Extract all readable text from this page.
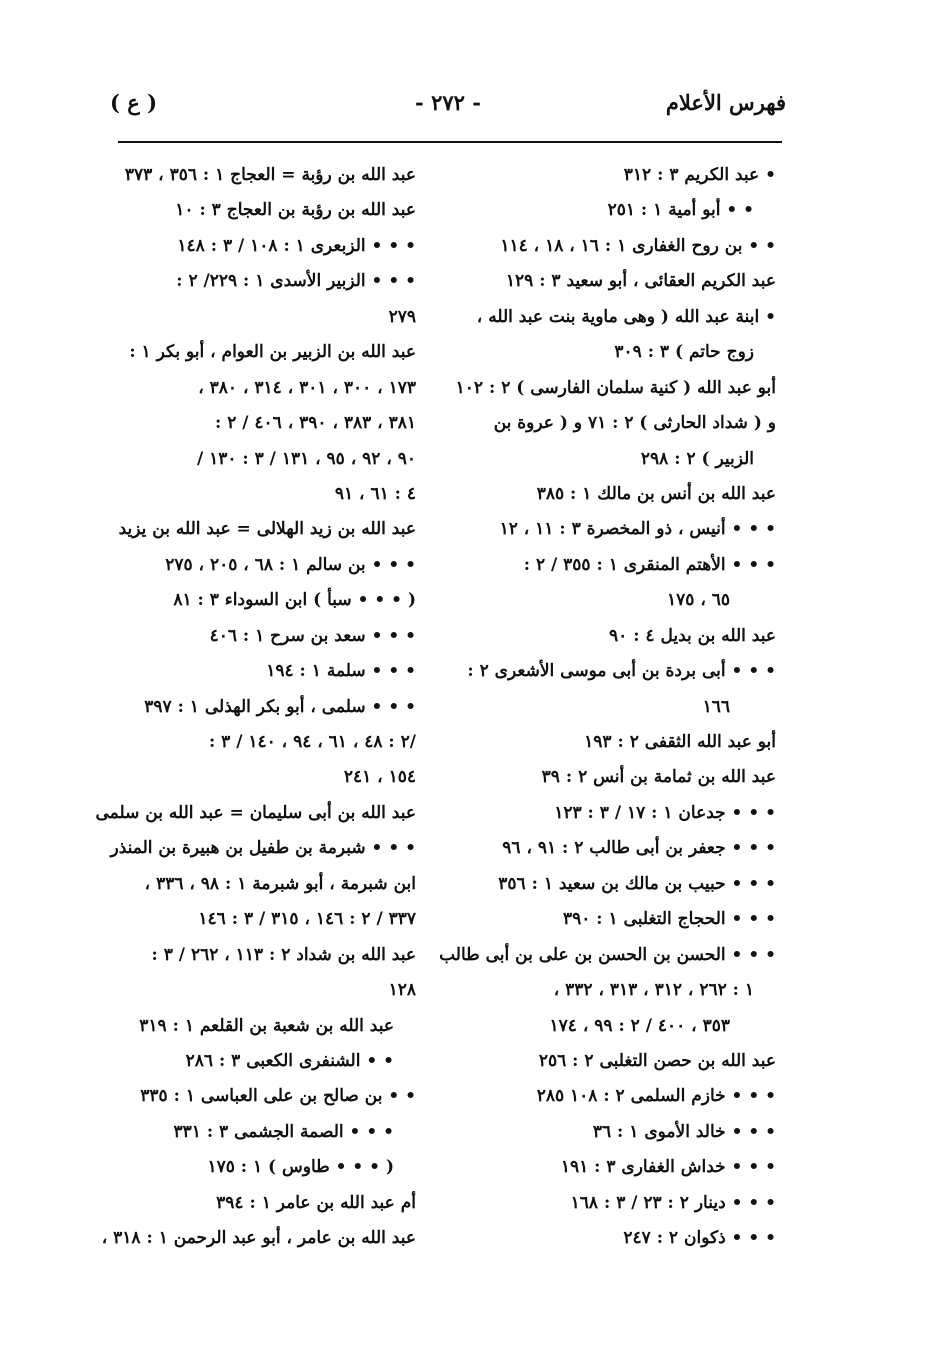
فهرس الأعلام
- ٢٧٢ -
( ع )
• عبد الكريم ٣ : ٣١٢
• • أبو أمية ١ : ٢٥١
• • بن روح الغفارى ١ : ١٦ ، ١٨ ، ١١٤
عبد الكريم العقائى ، أبو سعيد ٣ : ١٢٩
• ابنة عبد الله ( وهى ماوية بنت عبد الله ،
زوج حاتم ) ٣ : ٣٠٩
أبو عبد الله ( كنية سلمان الفارسى ) ٢ : ١٠٢
و ( شداد الحارثى ) ٢ : ٧١ و ( عروة بن
الزبير ) ٢ : ٢٩٨
عبد الله بن أنس بن مالك ١ : ٣٨٥
• • • أنيس ، ذو المخصرة ٣ : ١١ ، ١٢
• • • الأهتم المنقرى ١ : ٣٥٥ / ٢ :
٦٥ ، ١٧٥
عبد الله بن بديل ٤ : ٩٠
• • • أبى بردة بن أبى موسى الأشعرى ٢ :
١٦٦
أبو عبد الله الثقفى ٢ : ١٩٣
عبد الله بن ثمامة بن أنس ٢ : ٣٩
• • • جدعان ١ : ١٧ / ٣ : ١٢٣
• • • جعفر بن أبى طالب ٢ : ٩١ ، ٩٦
• • • حبيب بن مالك بن سعيد ١ : ٣٥٦
• • • الحجاج التغلبى ١ : ٣٩٠
• • • الحسن بن الحسن بن على بن أبى طالب
١ : ٢٦٢ ، ٣١٢ ، ٣١٣ ، ٣٣٢ ،
٣٥٣ ، ٤٠٠ / ٢ : ٩٩ ، ١٧٤
عبد الله بن حصن التغلبى ٢ : ٢٥٦
• • • خازم السلمى ٢ : ١٠٨ ٢٨٥
• • • خالد الأموى ١ : ٣٦
• • • خداش الغفارى ٣ : ١٩١
• • • دينار ٢ : ٢٣ / ٣ : ١٦٨
• • • ذكوان ٢ : ٢٤٧
عبد الله بن رؤبة = العجاج ١ : ٣٥٦ ، ٣٧٣
عبد الله بن رؤبة بن العجاج ٣ : ١٠
• • • الزبعرى ١ : ١٠٨ / ٣ : ١٤٨
• • • الزبير الأسدى ١ : ٢٢٩/ ٢ :
٢٧٩
عبد الله بن الزبير بن العوام ، أبو بكر ١ :
١٧٣ ، ٣٠٠ ، ٣٠١ ، ٣١٤ ، ٣٨٠ ،
٣٨١ ، ٣٨٣ ، ٣٩٠ ، ٤٠٦ / ٢ :
٩٠ ، ٩٢ ، ٩٥ ، ١٣١ / ٣ : ١٣٠ /
٤ : ٦١ ، ٩١
عبد الله بن زيد الهلالى = عبد الله بن يزيد
• • • بن سالم ١ : ٦٨ ، ٢٠٥ ، ٢٧٥
( • • • سبأ ) ابن السوداء ٣ : ٨١
• • • سعد بن سرح ١ : ٤٠٦
• • • سلمة ١ : ١٩٤
• • • سلمى ، أبو بكر الهذلى ١ : ٣٩٧
/٢ : ٤٨ ، ٦١ ، ٩٤ ، ١٤٠ / ٣ :
١٥٤ ، ٢٤١
عبد الله بن أبى سليمان = عبد الله بن سلمى
• • • شبرمة بن طفيل بن هبيرة بن المنذر
ابن شبرمة ، أبو شبرمة ١ : ٩٨ ، ٣٣٦ ،
٣٣٧ / ٢ : ١٤٦ ، ٣١٥ / ٣ : ١٤٦
عبد الله بن شداد ٢ : ١١٣ ، ٢٦٢ / ٣ :
١٢٨
عبد الله بن شعبة بن القلعم ١ : ٣١٩
• • الشنفرى الكعبى ٣ : ٢٨٦
• • بن صالح بن على العباسى ١ : ٣٣٥
• • • الصمة الجشمى ٣ : ٣٣١
( • • • طاوس ) ١ : ١٧٥
أم عبد الله بن عامر ١ : ٣٩٤
عبد الله بن عامر ، أبو عبد الرحمن ١ : ٣١٨ ،
